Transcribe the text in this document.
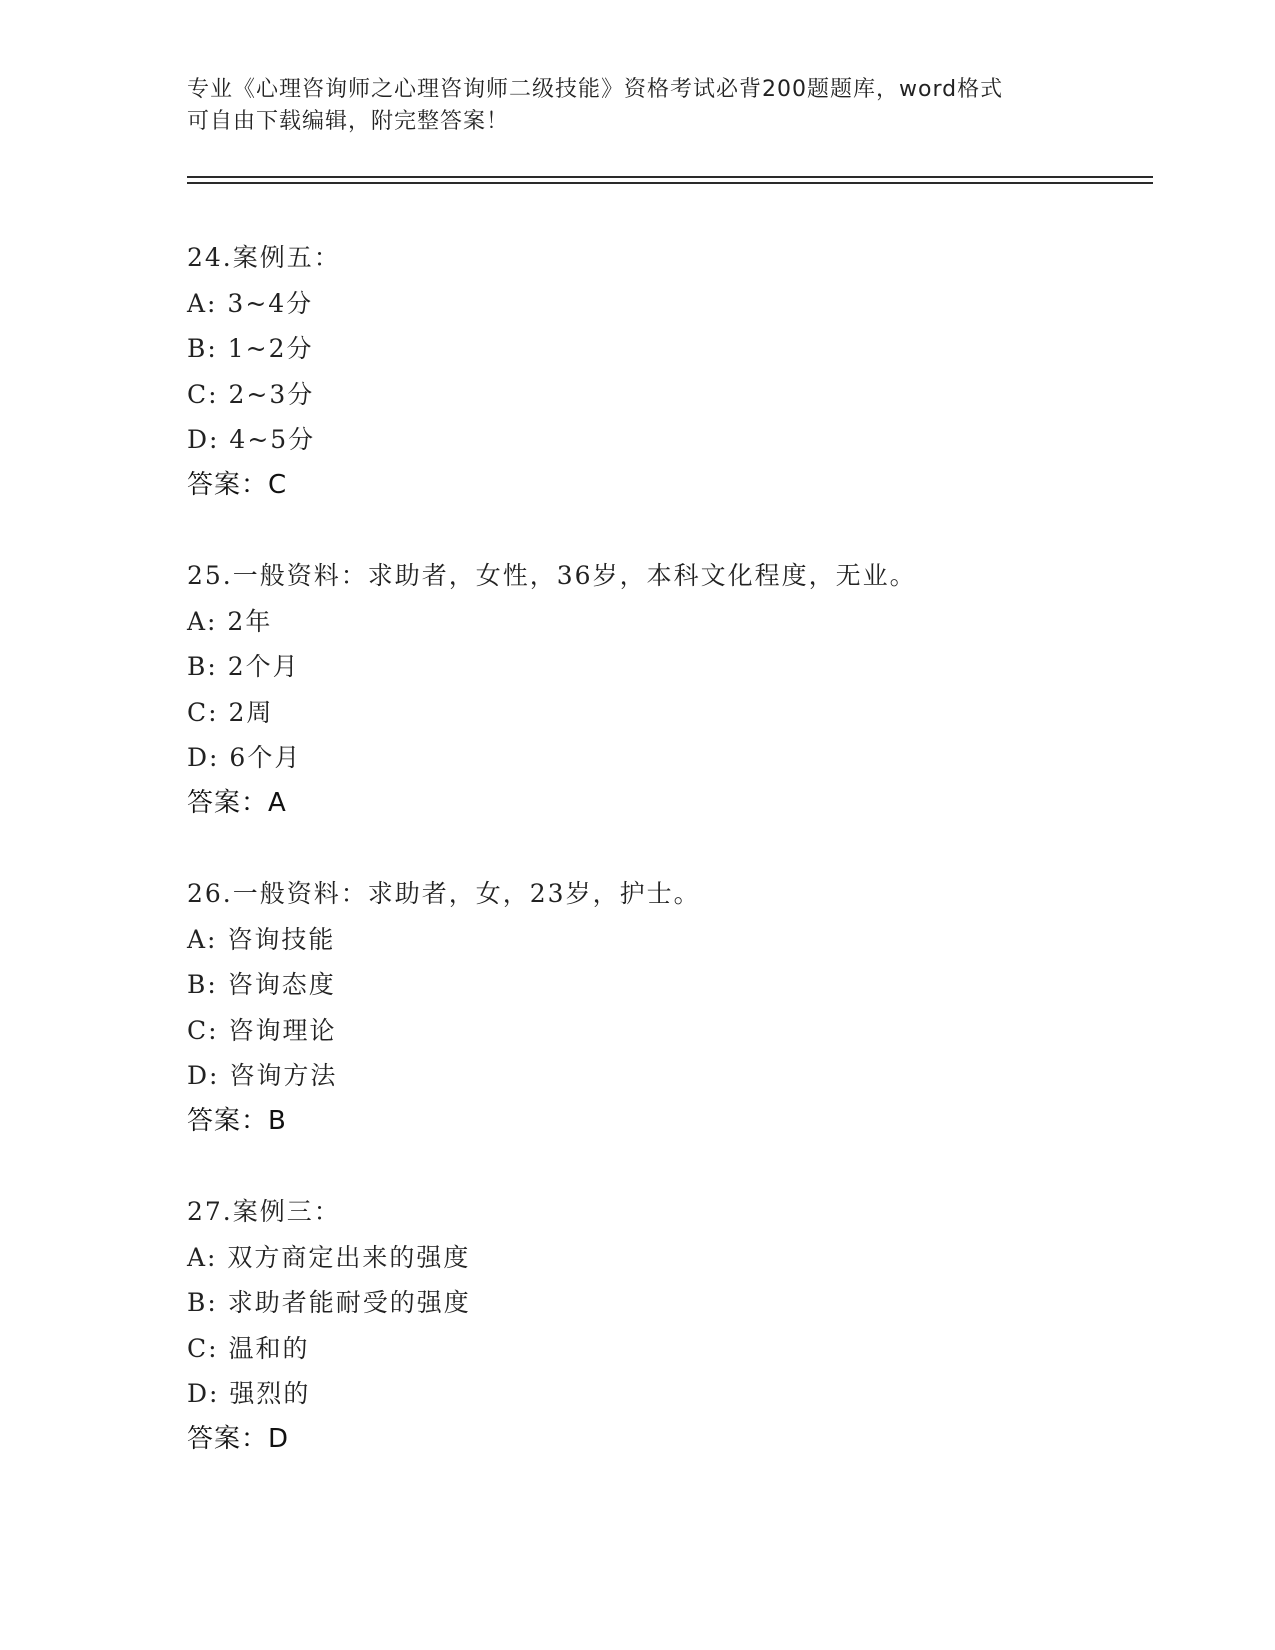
专业《心理咨询师之心理咨询师二级技能》资格考试必背200题题库，word格式
可自由下载编辑，附完整答案！
24.案例五：
A: 3~4分
B: 1~2分
C: 2~3分
D: 4~5分
答案：C
25.一般资料：求助者，女性，36岁，本科文化程度，无业。
A: 2年
B: 2个月
C: 2周
D: 6个月
答案：A
26.一般资料：求助者，女，23岁，护士。
A: 咨询技能
B: 咨询态度
C: 咨询理论
D: 咨询方法
答案：B
27.案例三：
A: 双方商定出来的强度
B: 求助者能耐受的强度
C: 温和的
D: 强烈的
答案：D
